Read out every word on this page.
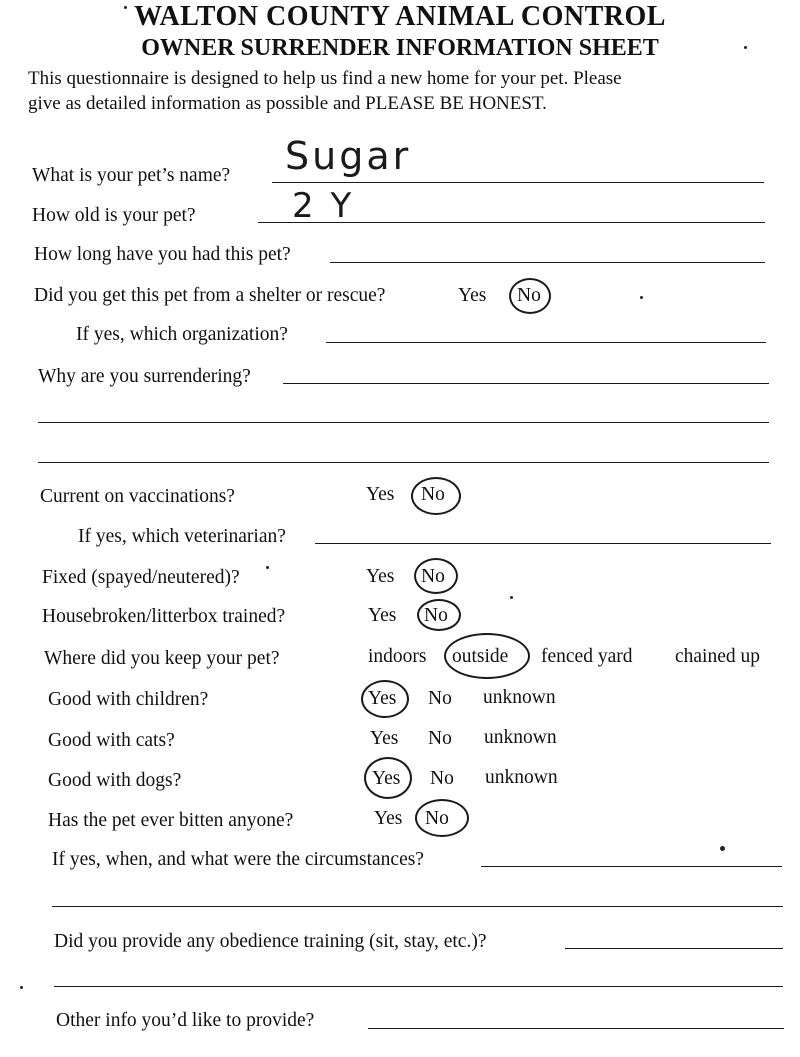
WALTON COUNTY ANIMAL CONTROL
OWNER SURRENDER INFORMATION SHEET
This questionnaire is designed to help us find a new home for your pet. Please
give as detailed information as possible and PLEASE BE HONEST.
What is your pet’s name? Sugar
How old is your pet?	2 Y
How long have you had this pet?
Did you get this pet from a shelter or rescue?	Yes No
If yes, which organization?
Why are you surrendering?
Current on vaccinations?	Yes No
If yes, which veterinarian?
Fixed (spayed/neutered)?	Yes No
Housebroken/litterbox trained?	Yes No
Where did you keep your pet?	indoors outside fenced yard chained up
Good with children?	Yes No unknown
Good with cats?	Yes No unknown
Good with dogs?	Yes No unknown
Has the pet ever bitten anyone?	Yes No
If yes, when, and what were the circumstances?
Did you provide any obedience training (sit, stay, etc.)?
Other info you’d like to provide?
